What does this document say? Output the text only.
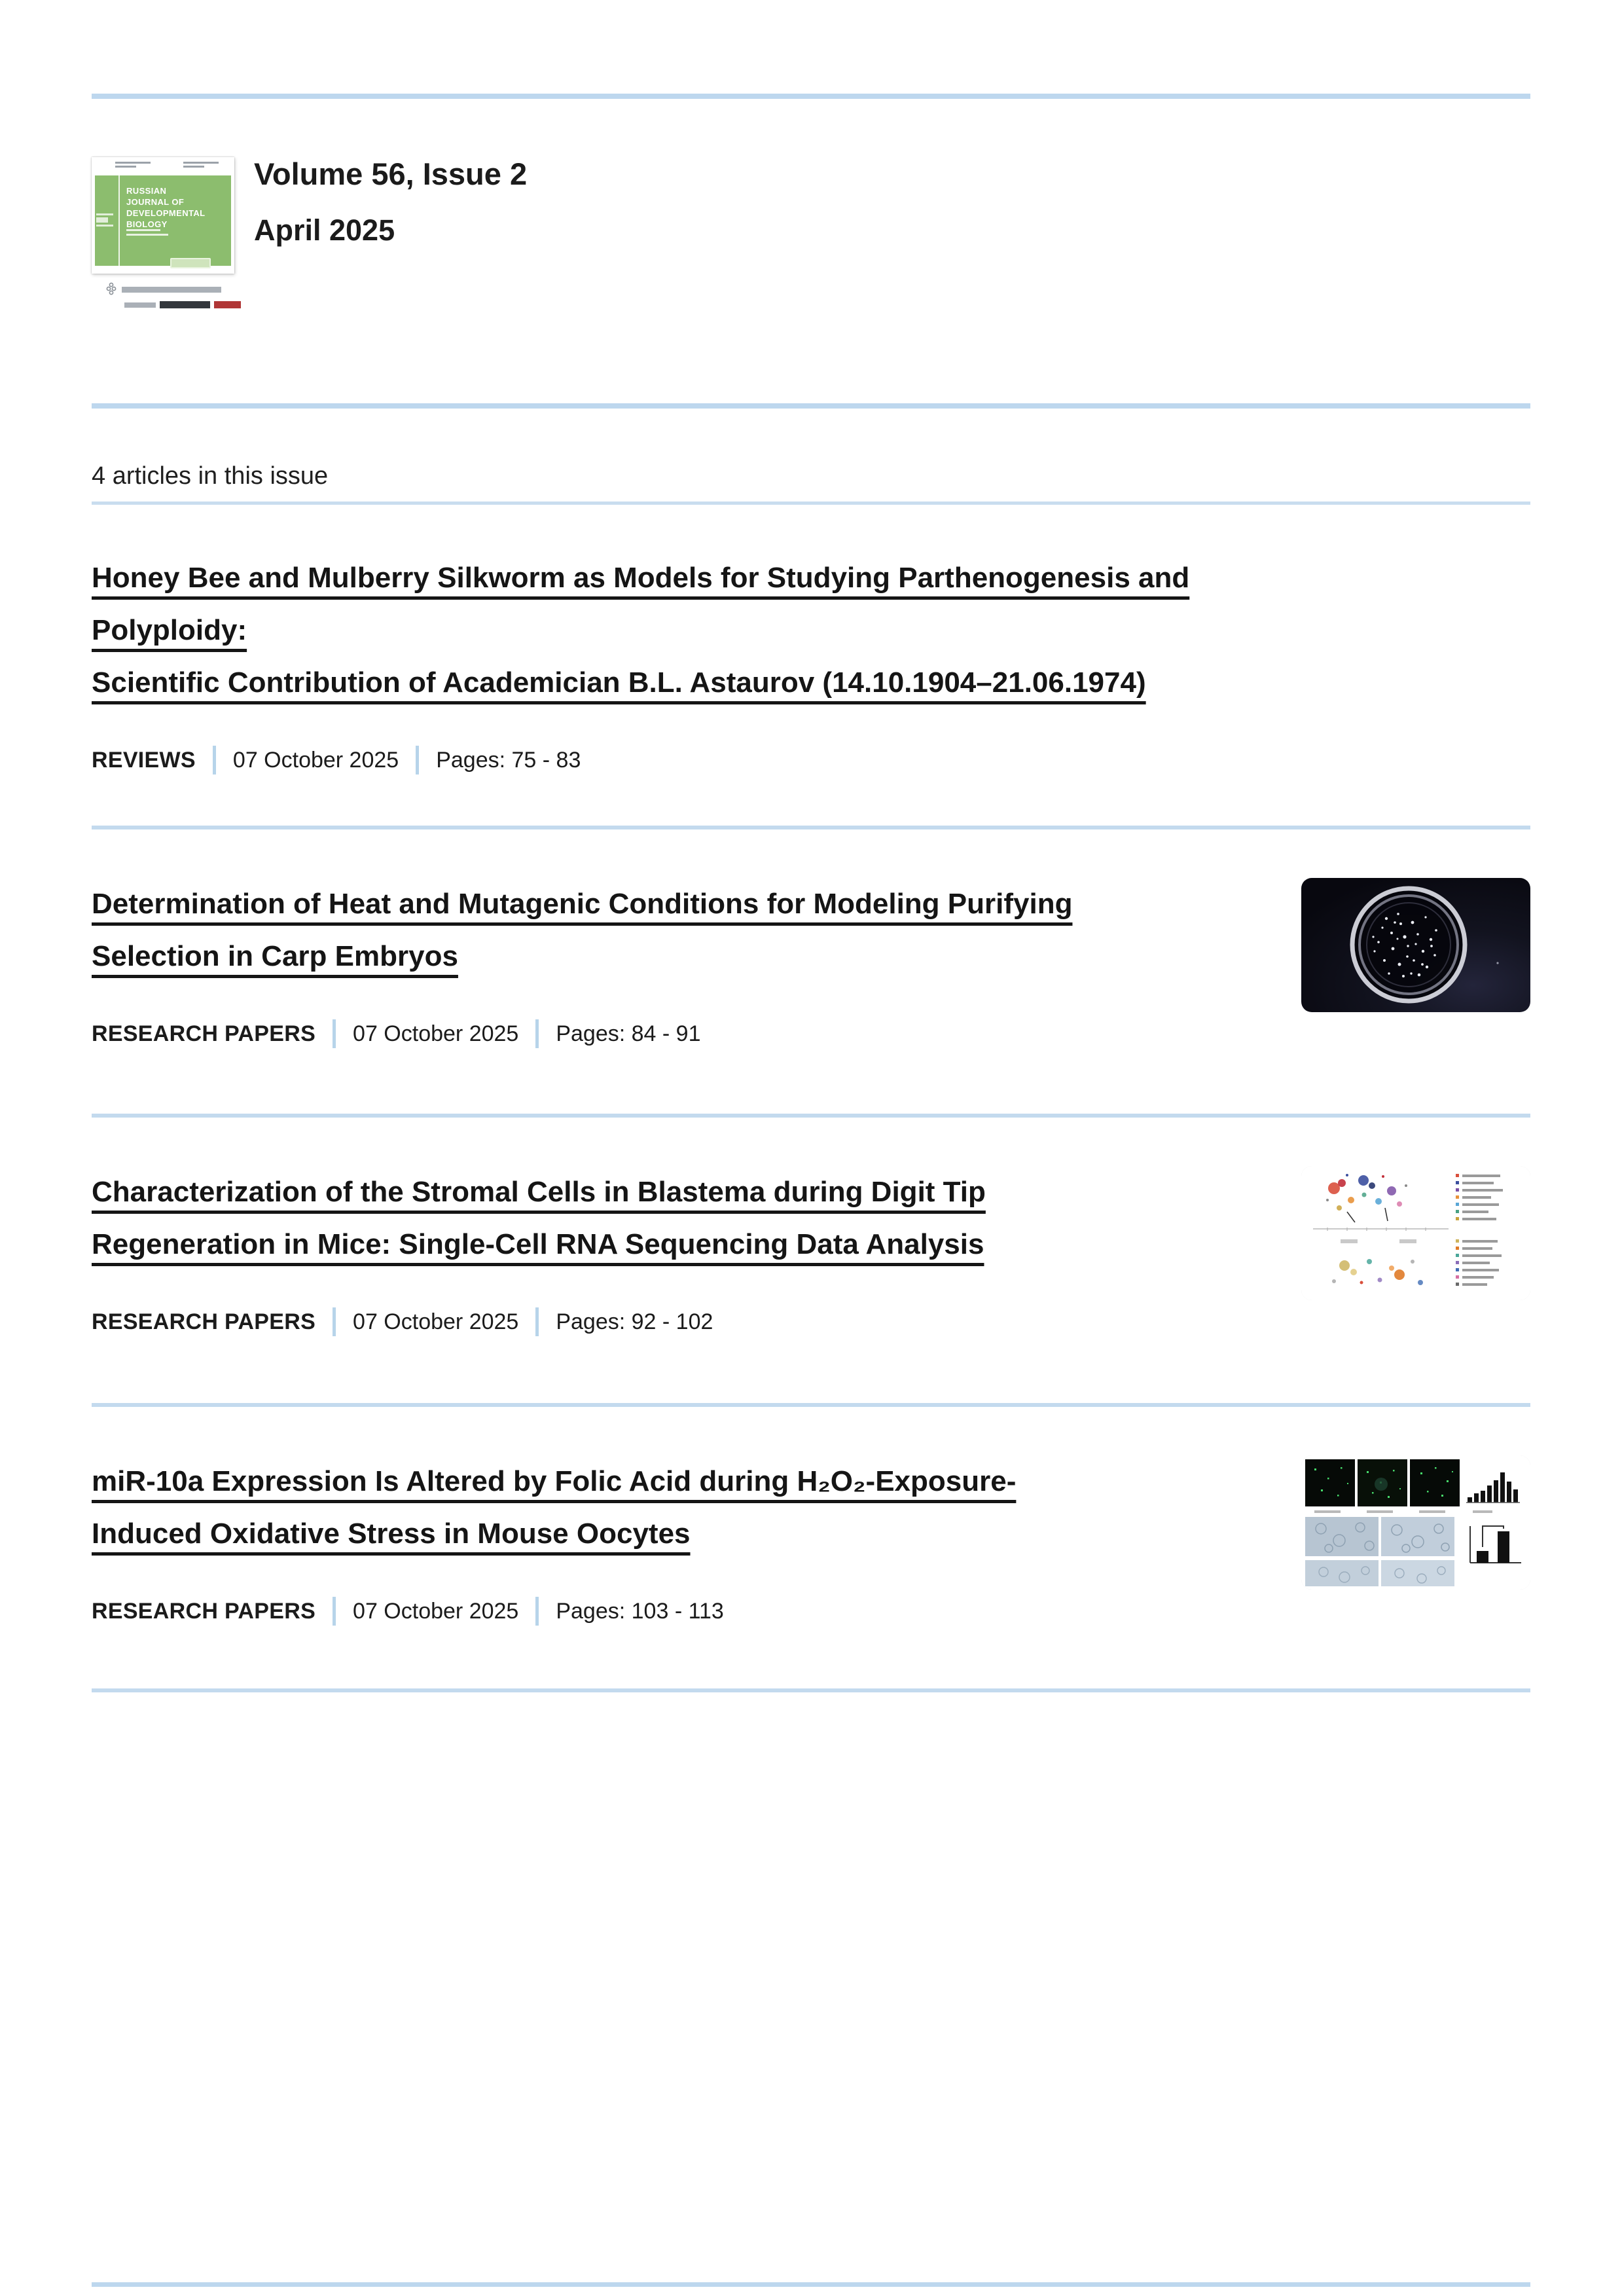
RUSSIAN JOURNAL OF DEVELOPMENTAL BIOLOGY
Volume 56, Issue 2
April 2025

4 articles in this issue

Honey Bee and Mulberry Silkworm as Models for Studying Parthenogenesis and Polyploidy:
Scientific Contribution of Academician B.L. Astaurov (14.10.1904–21.06.1974)
REVIEWS 07 October 2025 Pages: 75 - 83
Determination of Heat and Mutagenic Conditions for Modeling Purifying
Selection in Carp Embryos
RESEARCH PAPERS 07 October 2025 Pages: 84 - 91
Characterization of the Stromal Cells in Blastema during Digit Tip
Regeneration in Mice: Single-Cell RNA Sequencing Data Analysis
RESEARCH PAPERS 07 October 2025 Pages: 92 - 102
miR-10a Expression Is Altered by Folic Acid during H₂O₂-Exposure-
Induced Oxidative Stress in Mouse Oocytes
RESEARCH PAPERS 07 October 2025 Pages: 103 - 113
